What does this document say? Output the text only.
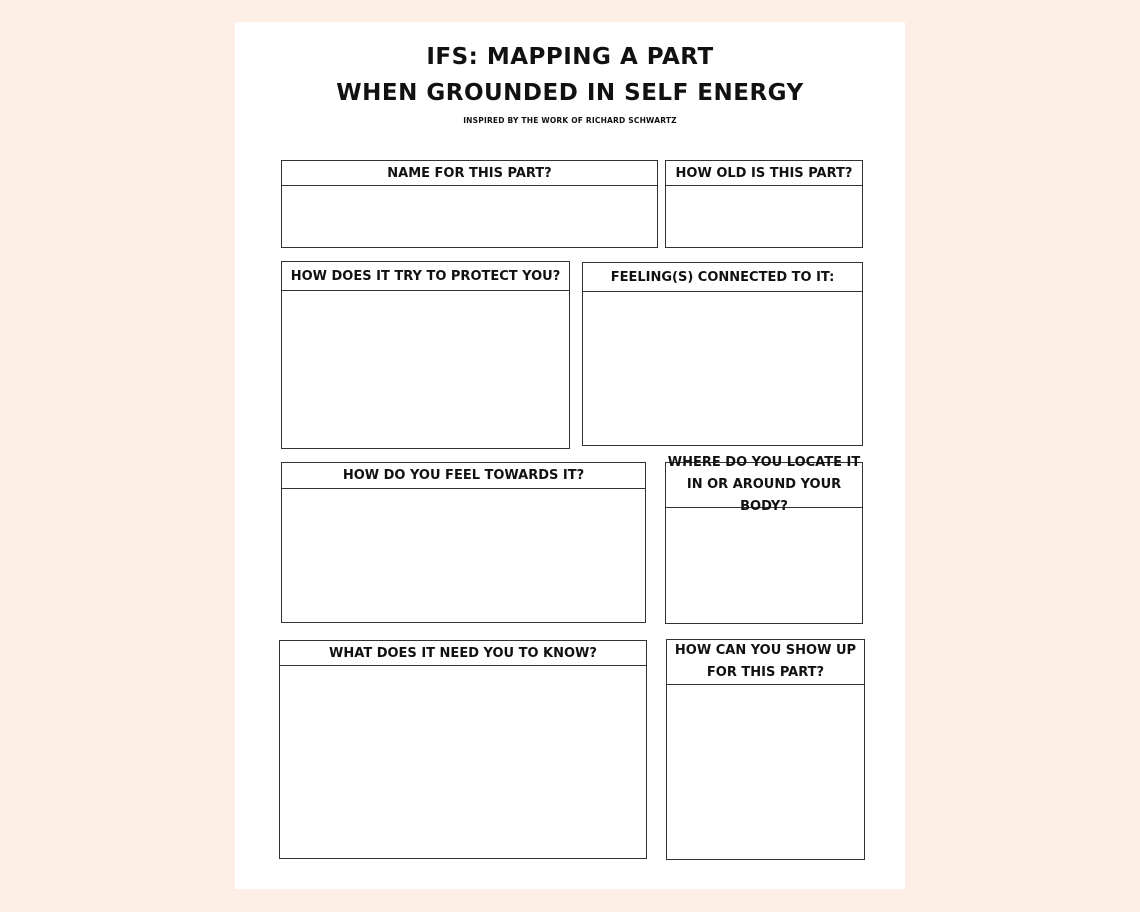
IFS: MAPPING A PART
WHEN GROUNDED IN SELF ENERGY
INSPIRED BY THE WORK OF RICHARD SCHWARTZ
NAME FOR THIS PART?	HOW OLD IS THIS PART?
HOW DOES IT TRY TO PROTECT YOU?	FEELING(S) CONNECTED TO IT:
HOW DO YOU FEEL TOWARDS IT?
WHERE DO YOU LOCATE IT
IN OR AROUND YOUR BODY?
WHAT DOES IT NEED YOU TO KNOW?	HOW CAN YOU SHOW UP
FOR THIS PART?
